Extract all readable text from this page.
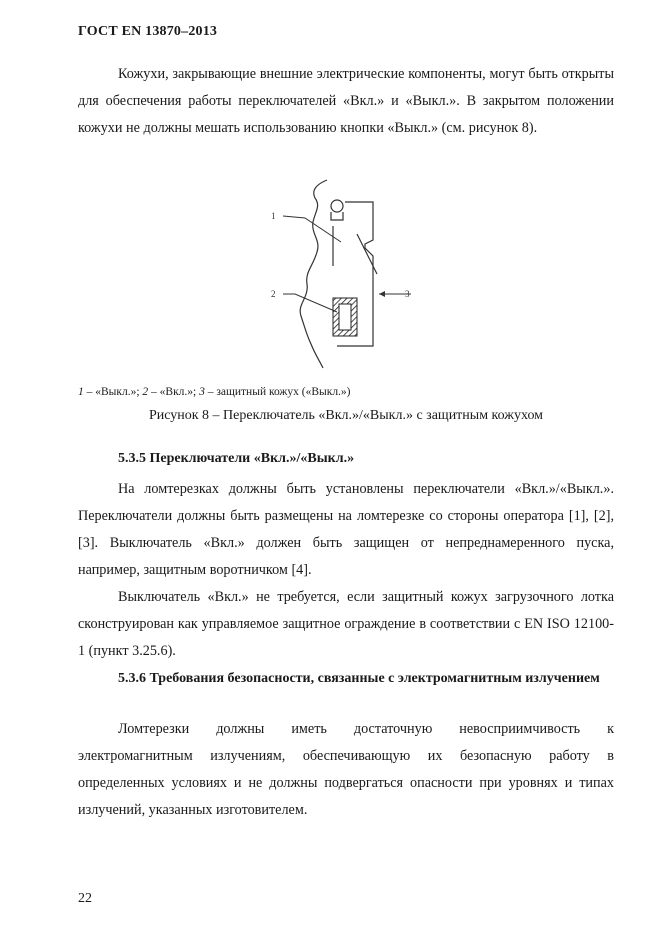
ГОСТ EN 13870–2013

Кожухи, закрывающие внешние электрические компоненты, могут быть открыты для обеспечения работы переключателей «Вкл.» и «Выкл.». В закрытом положении кожухи не должны мешать использованию кнопки «Выкл.» (см. рисунок 8).

1
2	3
1 – «Выкл.»; 2 – «Вкл.»; 3 – защитный кожух («Выкл.»)
Рисунок 8 – Переключатель «Вкл.»/«Выкл.» с защитным кожухом
5.3.5 Переключатели «Вкл.»/«Выкл.»

На ломтерезках должны быть установлены переключатели «Вкл.»/«Выкл.». Переключатели должны быть размещены на ломтерезке со стороны оператора [1], [2], [3]. Выключатель «Вкл.» должен быть защищен от непреднамеренного пуска, например, защитным воротничком [4].

Выключатель «Вкл.» не требуется, если защитный кожух загрузочного лотка сконструирован как управляемое защитное ограждение в соответствии с EN ISO 12100-1 (пункт 3.25.6).

5.3.6 Требования безопасности, связанные с электромагнитным излучением

Ломтерезки должны иметь достаточную невосприимчивость к электромагнитным излучениям, обеспечивающую их безопасную работу в определенных условиях и не должны подвергаться опасности при уровнях и типах излучений, указанных изготовителем.

22
